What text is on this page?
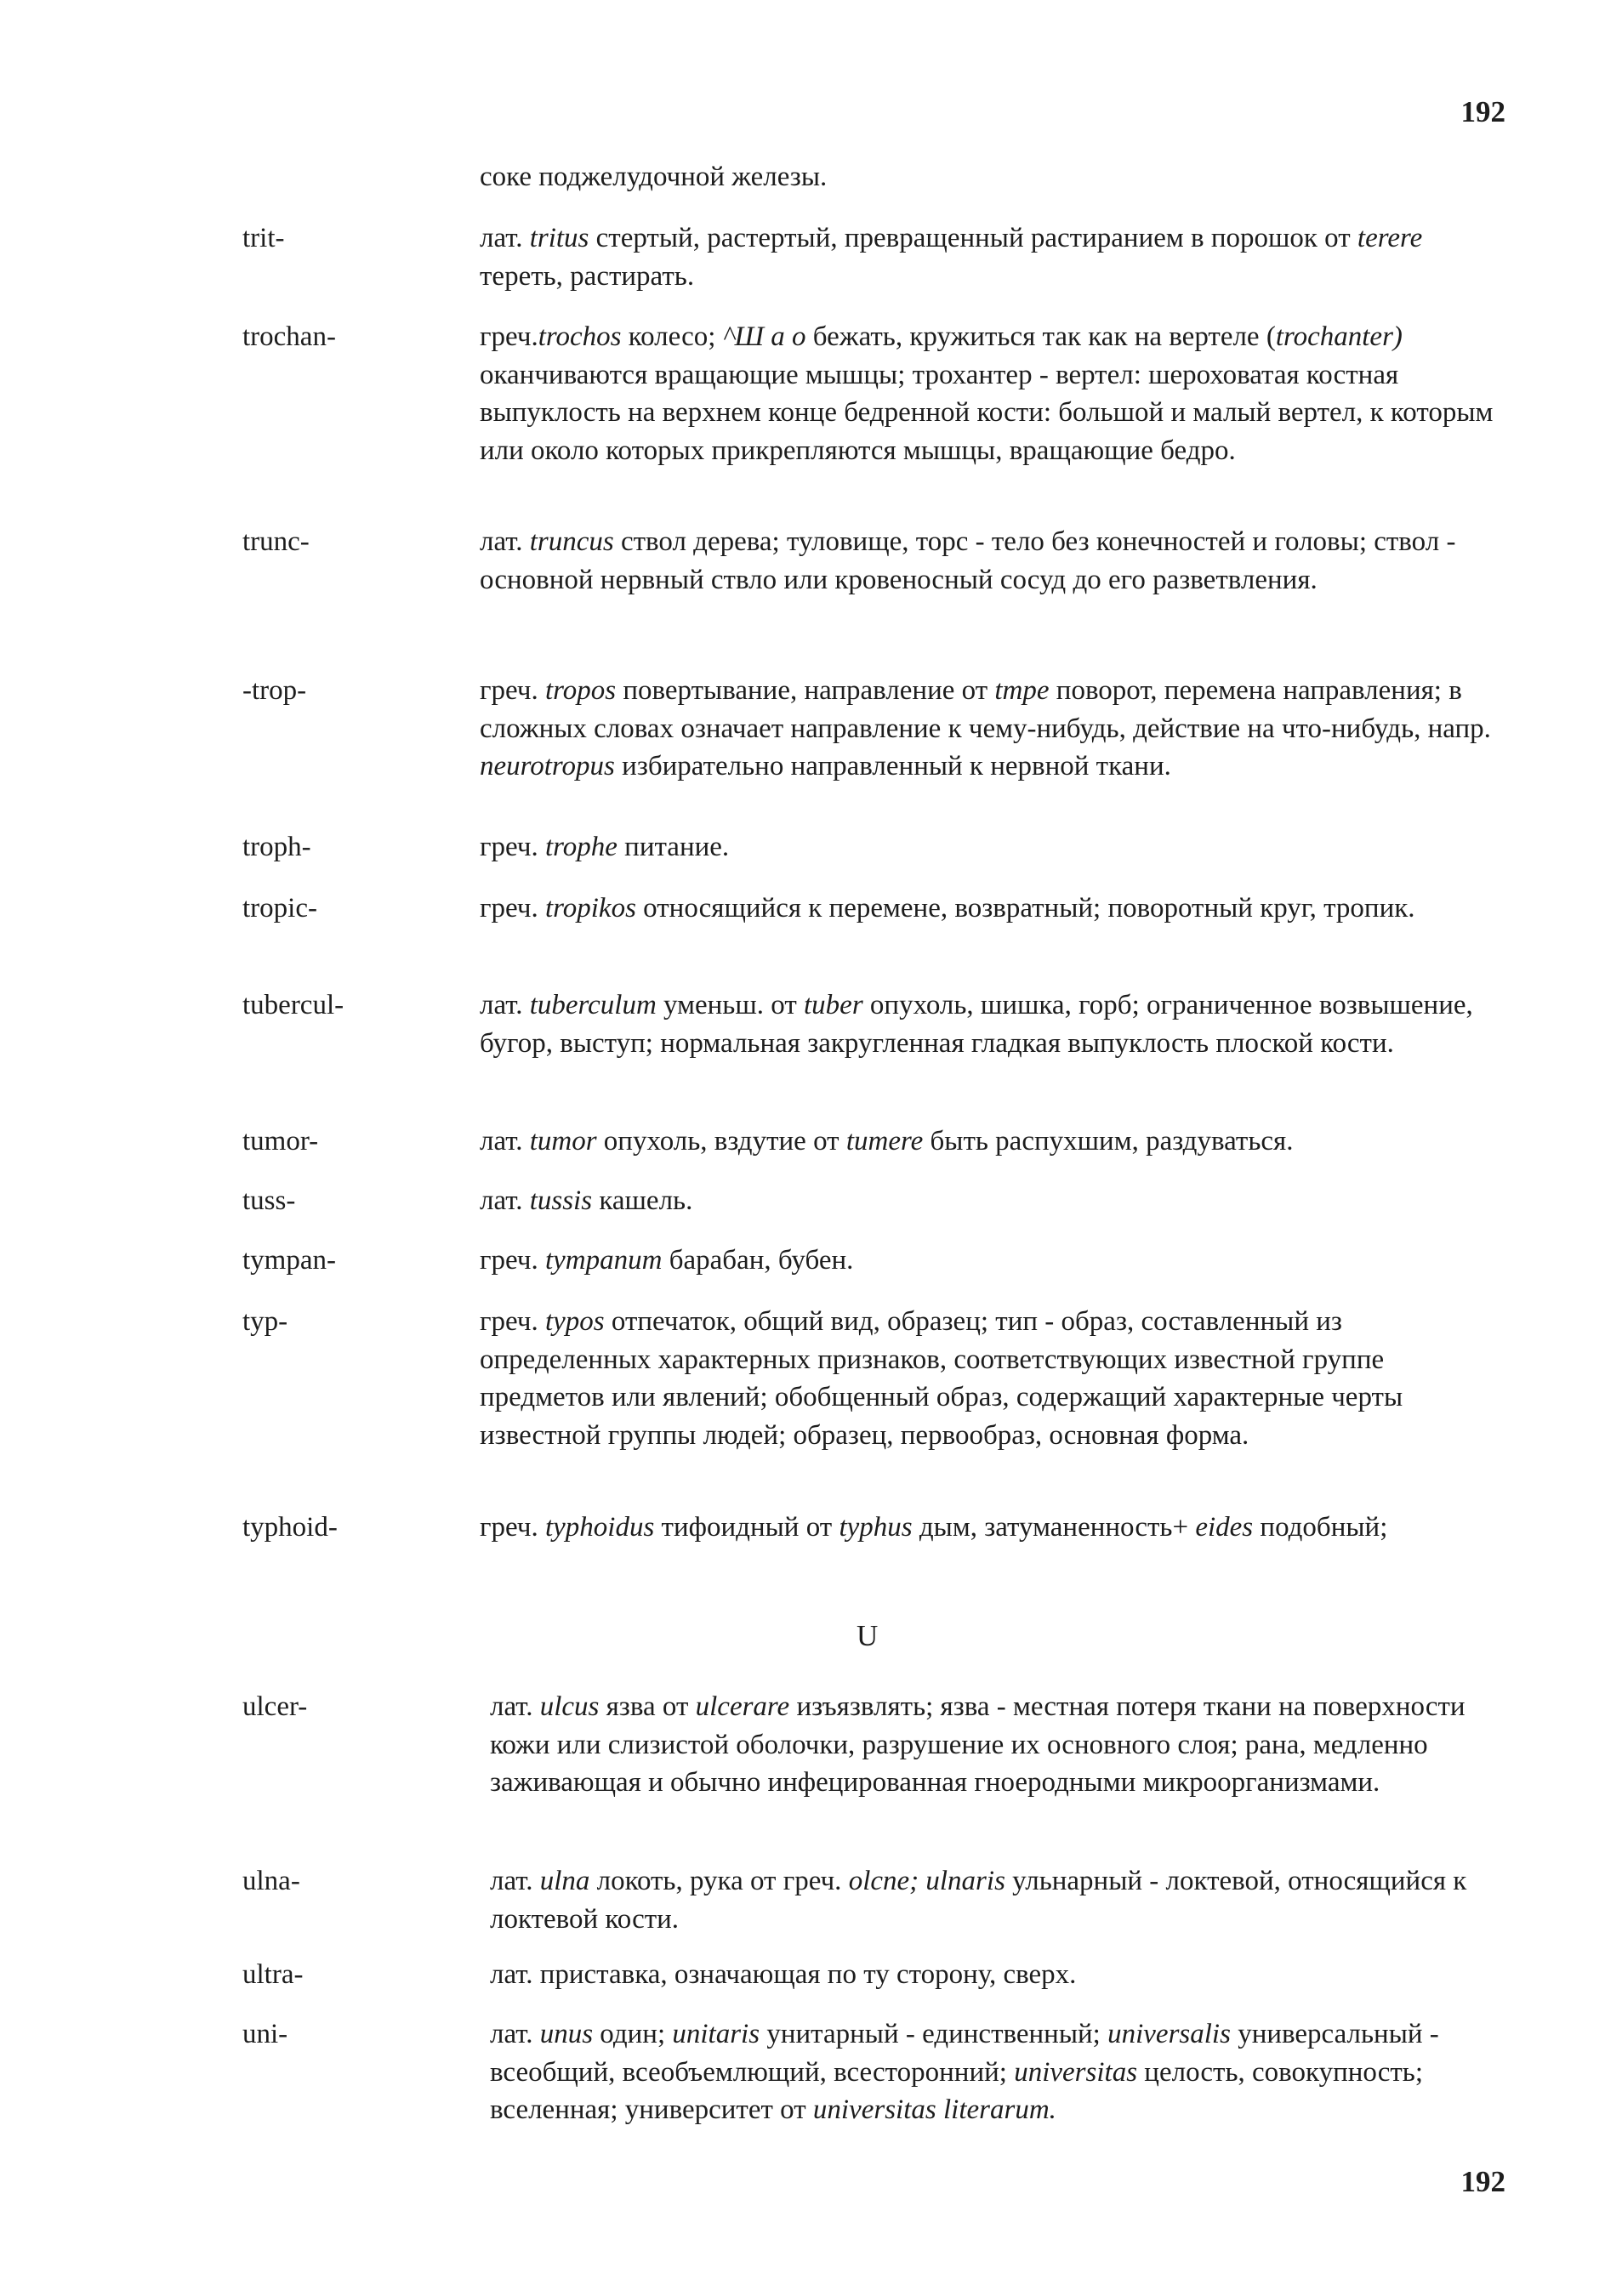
192
соке поджелудочной железы.
trit-	лат. tritus стертый, растертый, превращенный растиранием в порошок от terere тереть, растирать.
trochan-	греч.trochos колесо; ^Ш а о бежать, кружиться так как на вертеле (trochanter) оканчиваются вращающие мышцы; трохантер - вертел: шероховатая костная выпуклость на верхнем конце бедренной кости: большой и малый вертел, к которым или около которых прикрепляются мышцы, вращающие бедро.
trunc-	лат. truncus ствол дерева; туловище, торс - тело без конечностей и головы; ствол - основной нервный ствло или кровеносный сосуд до его разветвления.
-trop-	греч. tropos повертывание, направление от tmpe поворот, перемена направления; в сложных словах означает направление к чему-нибудь, действие на что-нибудь, напр. neurotropus избирательно направленный к нервной ткани.
troph-	греч. trophe питание.
tropic-	греч. tropikos относящийся к перемене, возвратный; поворотный круг, тропик.
tubercul-	лат. tuberculum уменьш. от tuber опухоль, шишка, горб; ограниченное возвышение, бугор, выступ; нормальная закругленная гладкая выпуклость плоской кости.
tumor-	лат. tumor опухоль, вздутие от tumere быть распухшим, раздуваться.
tuss-	лат. tussis кашель.
tympan-	греч. tympanum барабан, бубен.
typ-	греч. typos отпечаток, общий вид, образец; тип - образ, составленный из определенных характерных признаков, соответствующих известной группе предметов или явлений; обобщенный образ, содержащий характерные черты известной группы людей; образец, первообраз, основная форма.
typhoid-	греч. typhoidus тифоидный от typhus дым, затуманенность+ eides подобный;
U
ulcer-	лат. ulcus язва от ulcerare изъязвлять; язва - местная потеря ткани на поверхности кожи или слизистой оболочки, разрушение их основного слоя; рана, медленно заживающая и обычно инфецированная гноеродными микроорганизмами.
ulna-	лат. ulna локоть, рука от греч. olcne; ulnaris ульнарный - локтевой, относящийся к локтевой кости.
ultra-	лат. приставка, означающая по ту сторону, сверх.
uni-	лат. unus один; unitaris унитарный - единственный; universalis универсальный - всеобщий, всеобъемлющий, всесторонний; universitas целость, совокупность; вселенная; университет от universitas literarum.
192
